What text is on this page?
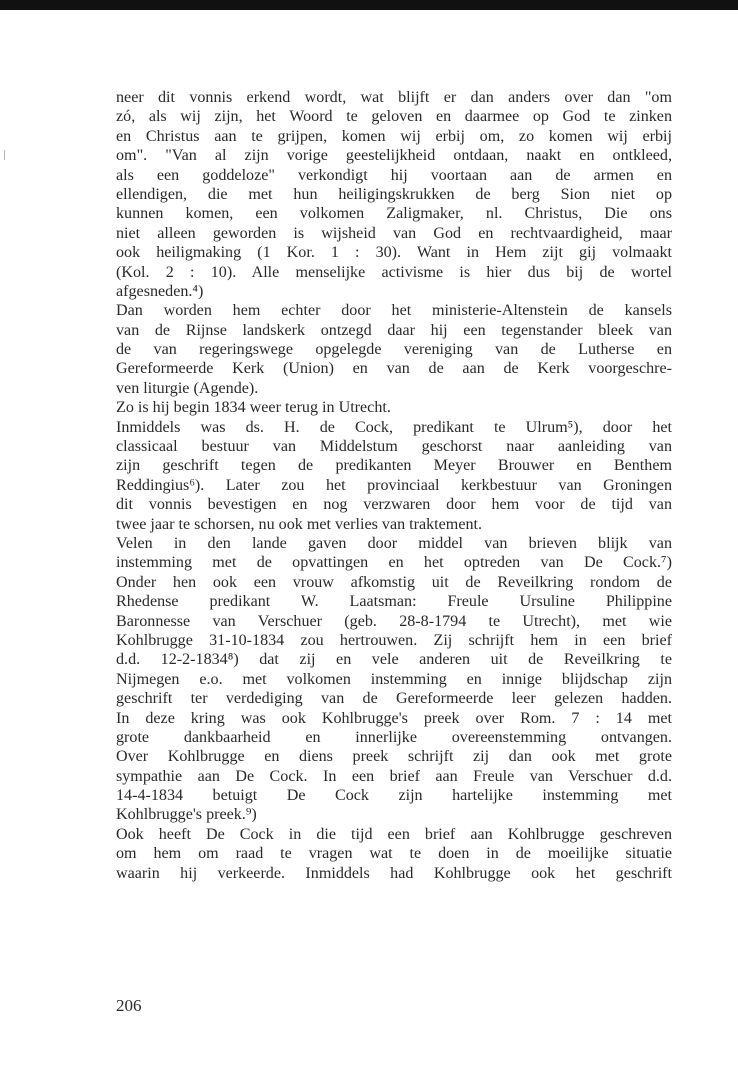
neer dit vonnis erkend wordt, wat blijft er dan anders over dan "om
zó, als wij zijn, het Woord te geloven en daarmee op God te zinken
en Christus aan te grijpen, komen wij erbij om, zo komen wij erbij
om". "Van al zijn vorige geestelijkheid ontdaan, naakt en ontkleed,
als een goddeloze" verkondigt hij voortaan aan de armen en
ellendigen, die met hun heiligingskrukken de berg Sion niet op
kunnen komen, een volkomen Zaligmaker, nl. Christus, Die ons
niet alleen geworden is wijsheid van God en rechtvaardigheid, maar
ook heiligmaking (1 Kor. 1 : 30). Want in Hem zijt gij volmaakt
(Kol. 2 : 10). Alle menselijke activisme is hier dus bij de wortel
afgesneden.⁴)
Dan worden hem echter door het ministerie-Altenstein de kansels
van de Rijnse landskerk ontzegd daar hij een tegenstander bleek van
de van regeringswege opgelegde vereniging van de Lutherse en
Gereformeerde Kerk (Union) en van de aan de Kerk voorgeschre-
ven liturgie (Agende).
Zo is hij begin 1834 weer terug in Utrecht.
Inmiddels was ds. H. de Cock, predikant te Ulrum⁵), door het
classicaal bestuur van Middelstum geschorst naar aanleiding van
zijn geschrift tegen de predikanten Meyer Brouwer en Benthem
Reddingius⁶). Later zou het provinciaal kerkbestuur van Groningen
dit vonnis bevestigen en nog verzwaren door hem voor de tijd van
twee jaar te schorsen, nu ook met verlies van traktement.
Velen in den lande gaven door middel van brieven blijk van
instemming met de opvattingen en het optreden van De Cock.⁷)
Onder hen ook een vrouw afkomstig uit de Reveilkring rondom de
Rhedense predikant W. Laatsman: Freule Ursuline Philippine
Baronnesse van Verschuer (geb. 28-8-1794 te Utrecht), met wie
Kohlbrugge 31-10-1834 zou hertrouwen. Zij schrijft hem in een brief
d.d. 12-2-1834⁸) dat zij en vele anderen uit de Reveilkring te
Nijmegen e.o. met volkomen instemming en innige blijdschap zijn
geschrift ter verdediging van de Gereformeerde leer gelezen hadden.
In deze kring was ook Kohlbrugge's preek over Rom. 7 : 14 met
grote dankbaarheid en innerlijke overeenstemming ontvangen.
Over Kohlbrugge en diens preek schrijft zij dan ook met grote
sympathie aan De Cock. In een brief aan Freule van Verschuer d.d.
14-4-1834 betuigt De Cock zijn hartelijke instemming met
Kohlbrugge's preek.⁹)
Ook heeft De Cock in die tijd een brief aan Kohlbrugge geschreven
om hem om raad te vragen wat te doen in de moeilijke situatie
waarin hij verkeerde. Inmiddels had Kohlbrugge ook het geschrift
206
